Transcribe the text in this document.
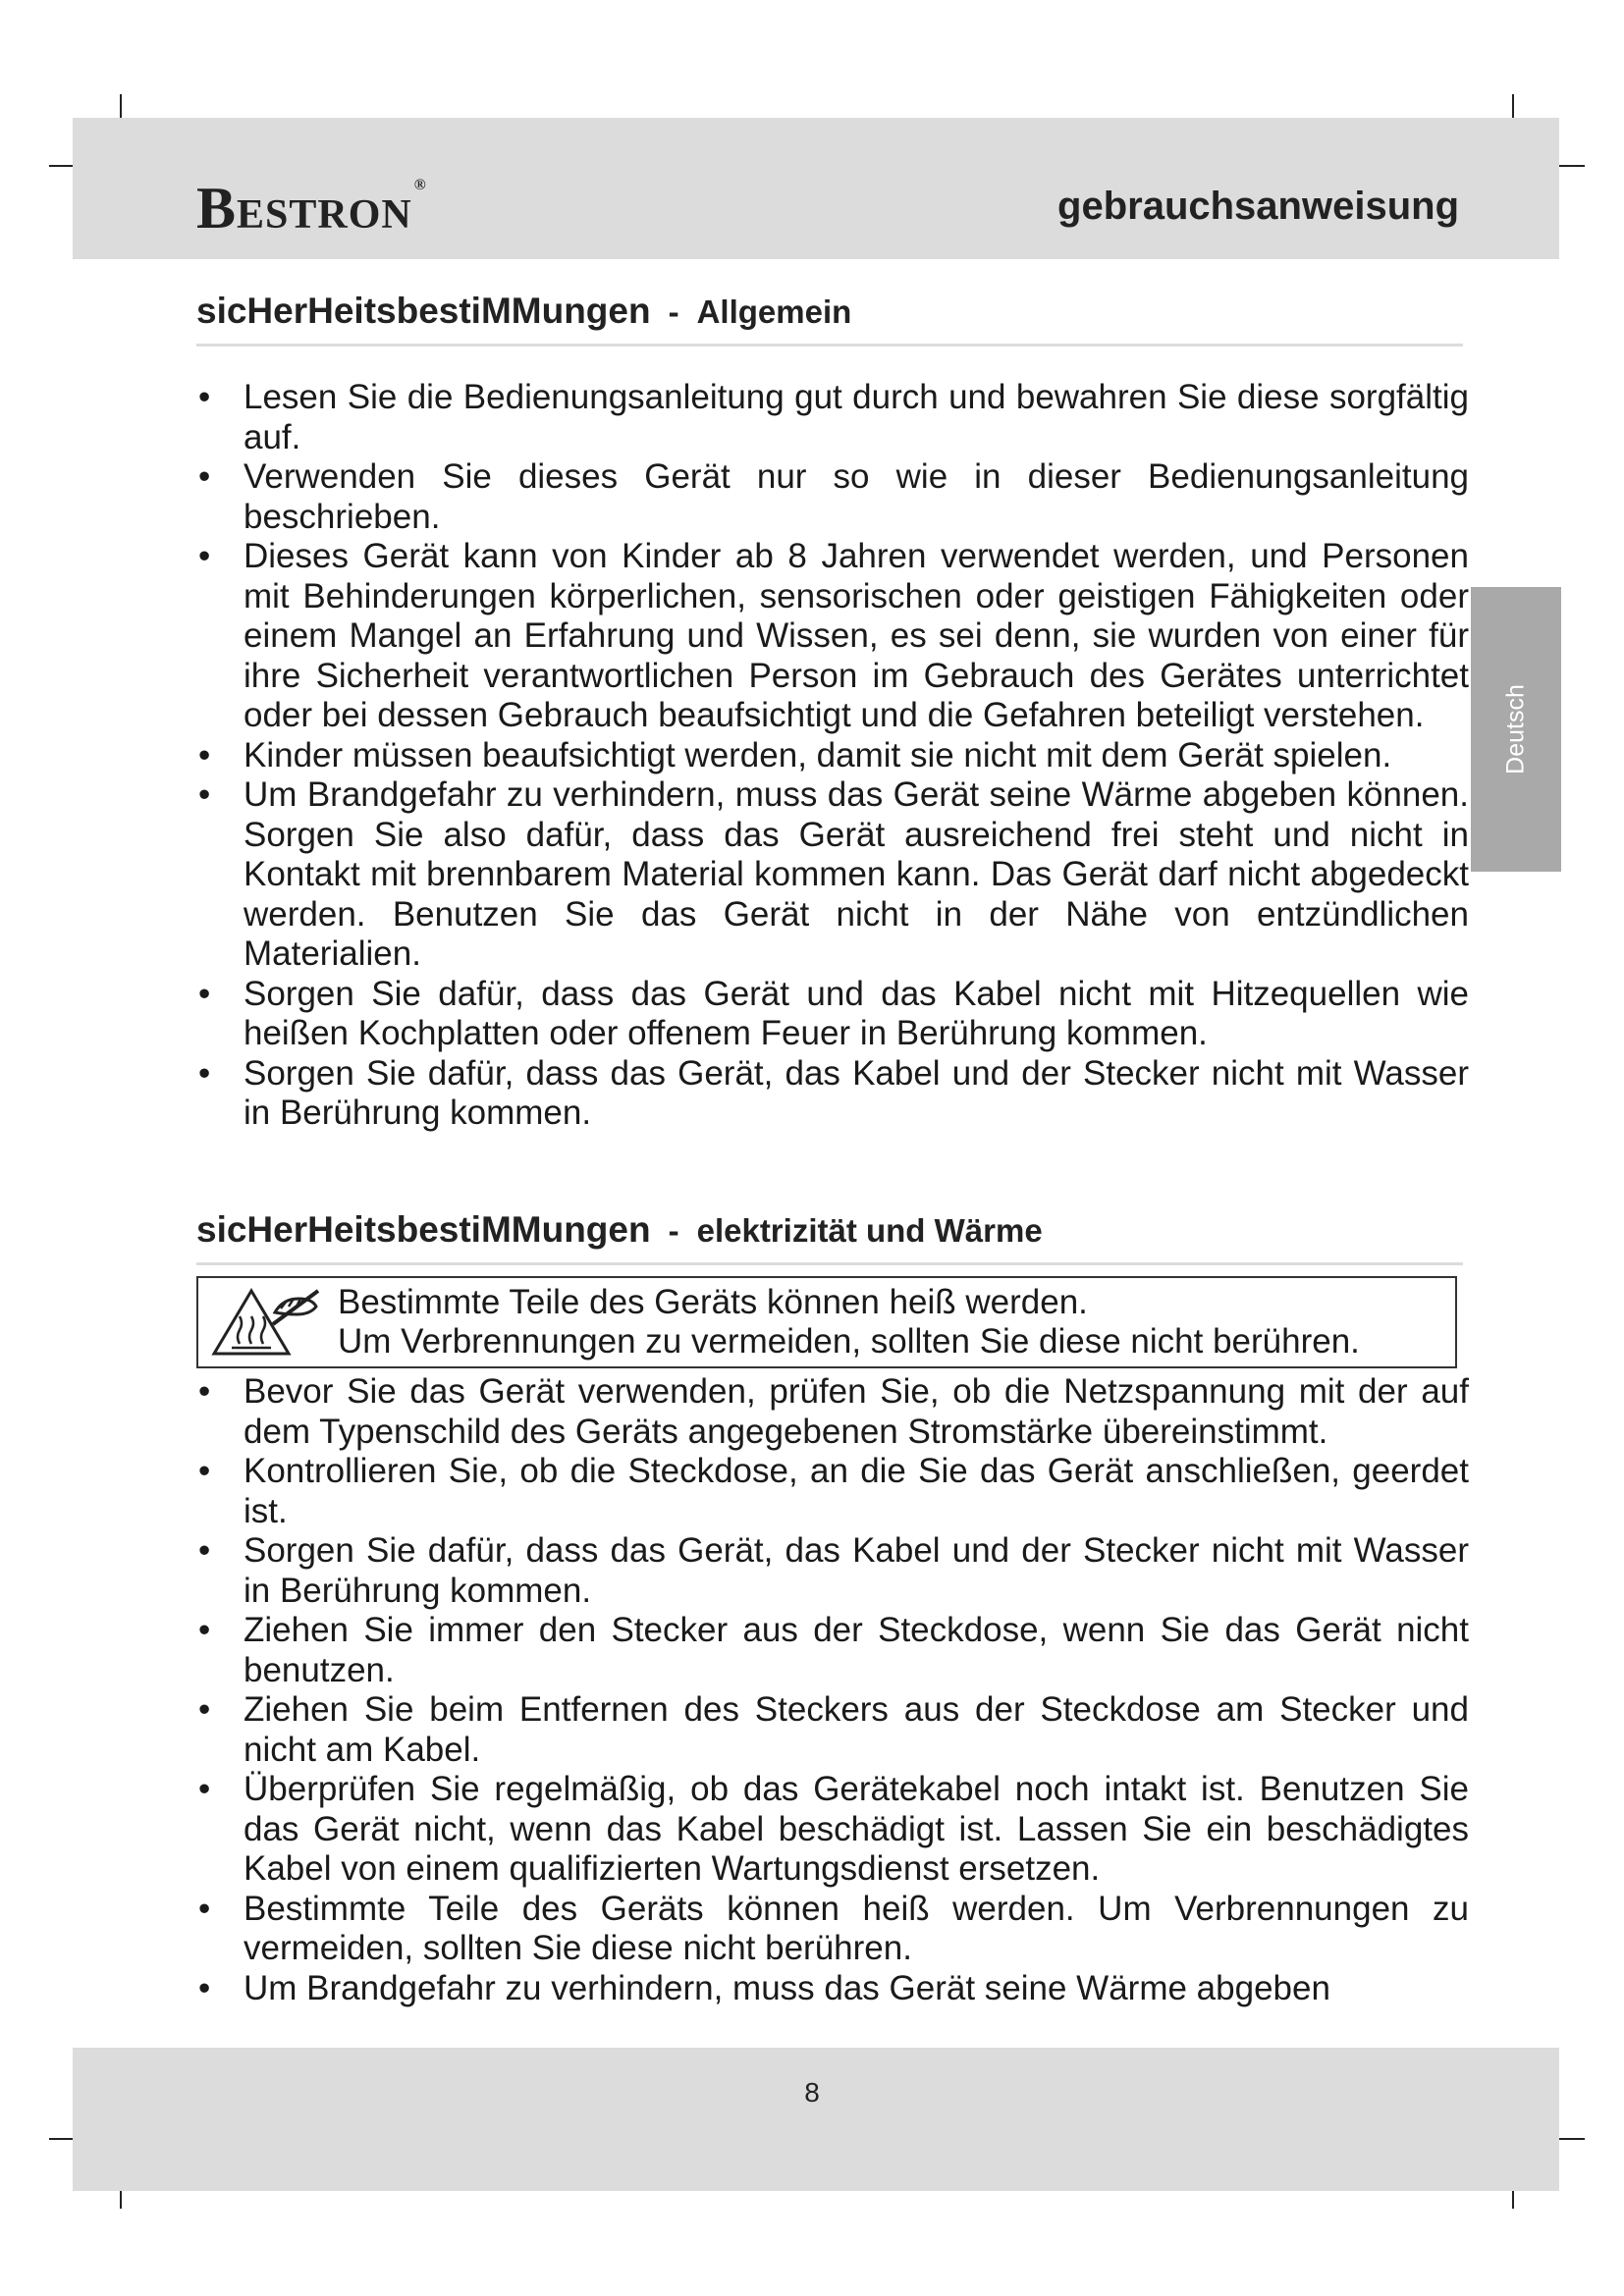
B ESTRON
®	gebrauchsanweisung
Deutsch
sicHerHeitsbestiMMungen - Allgemein
• Lesen Sie die Bedienungsanleitung gut durch und bewahren Sie diese sorgfältig auf.
• Verwenden Sie dieses Gerät nur so wie in dieser Bedienungsanleitung beschrieben.
• Dieses Gerät kann von Kinder ab 8 Jahren verwendet werden, und Personen mit Behinderungen körperlichen, sensorischen oder geistigen Fähigkeiten oder einem Mangel an Erfahrung und Wissen, es sei denn, sie wurden von einer für ihre Sicherheit verantwortlichen Person im Gebrauch des Gerätes unterrichtet oder bei dessen Gebrauch beaufsichtigt und die Gefahren beteiligt verstehen.
• Kinder müssen beaufsichtigt werden, damit sie nicht mit dem Gerät spielen.
• Um Brandgefahr zu verhindern, muss das Gerät seine Wärme abgeben können. Sorgen Sie also dafür, dass das Gerät ausreichend frei steht und nicht in Kontakt mit brennbarem Material kommen kann. Das Gerät darf nicht abgedeckt werden. Benutzen Sie das Gerät nicht in der Nähe von entzündlichen Materialien.
• Sorgen Sie dafür, dass das Gerät und das Kabel nicht mit Hitzequellen wie heißen Kochplatten oder offenem Feuer in Berührung kommen.
• Sorgen Sie dafür, dass das Gerät, das Kabel und der Stecker nicht mit Wasser in Berührung kommen.
sicHerHeitsbestiMMungen - elektrizität und Wärme
Bestimmte Teile des Geräts können heiß werden.
Um Verbrennungen zu vermeiden, sollten Sie diese nicht berühren.
• Bevor Sie das Gerät verwenden, prüfen Sie, ob die Netzspannung mit der auf dem Typenschild des Geräts angegebenen Stromstärke übereinstimmt.
• Kontrollieren Sie, ob die Steckdose, an die Sie das Gerät anschließen, geerdet ist.
• Sorgen Sie dafür, dass das Gerät, das Kabel und der Stecker nicht mit Wasser in Berührung kommen.
• Ziehen Sie immer den Stecker aus der Steckdose, wenn Sie das Gerät nicht benutzen.
• Ziehen Sie beim Entfernen des Steckers aus der Steckdose am Stecker und nicht am Kabel.
• Überprüfen Sie regelmäßig, ob das Gerätekabel noch intakt ist. Benutzen Sie das Gerät nicht, wenn das Kabel beschädigt ist. Lassen Sie ein beschädigtes Kabel von einem qualifizierten Wartungsdienst ersetzen.
• Bestimmte Teile des Geräts können heiß werden. Um Verbrennungen zu vermeiden, sollten Sie diese nicht berühren.
• Um Brandgefahr zu verhindern, muss das Gerät seine Wärme abgeben
8
